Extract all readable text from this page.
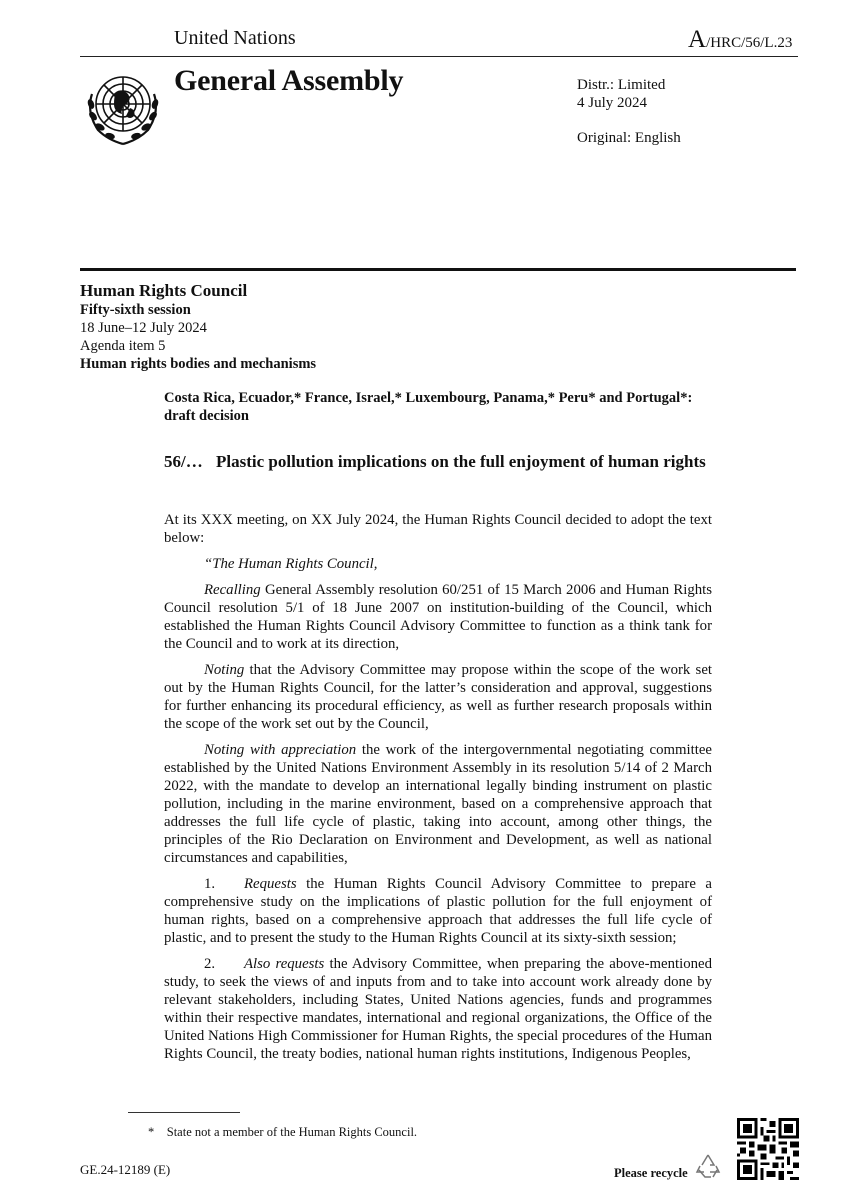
United Nations	A/HRC/56/L.23
General Assembly	Distr.: Limited
4 July 2024
Original: English
Human Rights Council
Fifty-sixth session
18 June–12 July 2024
Agenda item 5
Human rights bodies and mechanisms
Costa Rica, Ecuador,* France, Israel,* Luxembourg, Panama,* Peru* and Portugal*: draft decision
56/… Plastic pollution implications on the full enjoyment of human rights

At its XXX meeting, on XX July 2024, the Human Rights Council decided to adopt the text below:

“The Human Rights Council,

Recalling General Assembly resolution 60/251 of 15 March 2006 and Human Rights Council resolution 5/1 of 18 June 2007 on institution-building of the Council, which established the Human Rights Council Advisory Committee to function as a think tank for the Council and to work at its direction,

Noting that the Advisory Committee may propose within the scope of the work set out by the Human Rights Council, for the latter’s consideration and approval, suggestions for further enhancing its procedural efficiency, as well as further research proposals within the scope of the work set out by the Council,

Noting with appreciation the work of the intergovernmental negotiating committee established by the United Nations Environment Assembly in its resolution 5/14 of 2 March 2022, with the mandate to develop an international legally binding instrument on plastic pollution, including in the marine environment, based on a comprehensive approach that addresses the full life cycle of plastic, taking into account, among other things, the principles of the Rio Declaration on Environment and Development, as well as national circumstances and capabilities,

1. Requests the Human Rights Council Advisory Committee to prepare a comprehensive study on the implications of plastic pollution for the full enjoyment of human rights, based on a comprehensive approach that addresses the full life cycle of plastic, and to present the study to the Human Rights Council at its sixty-sixth session;

2. Also requests the Advisory Committee, when preparing the above-mentioned study, to seek the views of and inputs from and to take into account work already done by relevant stakeholders, including States, United Nations agencies, funds and programmes within their respective mandates, international and regional organizations, the Office of the United Nations High Commissioner for Human Rights, the special procedures of the Human Rights Council, the treaty bodies, national human rights institutions, Indigenous Peoples,

* State not a member of the Human Rights Council.
GE.24-12189 (E)	Please recycle
